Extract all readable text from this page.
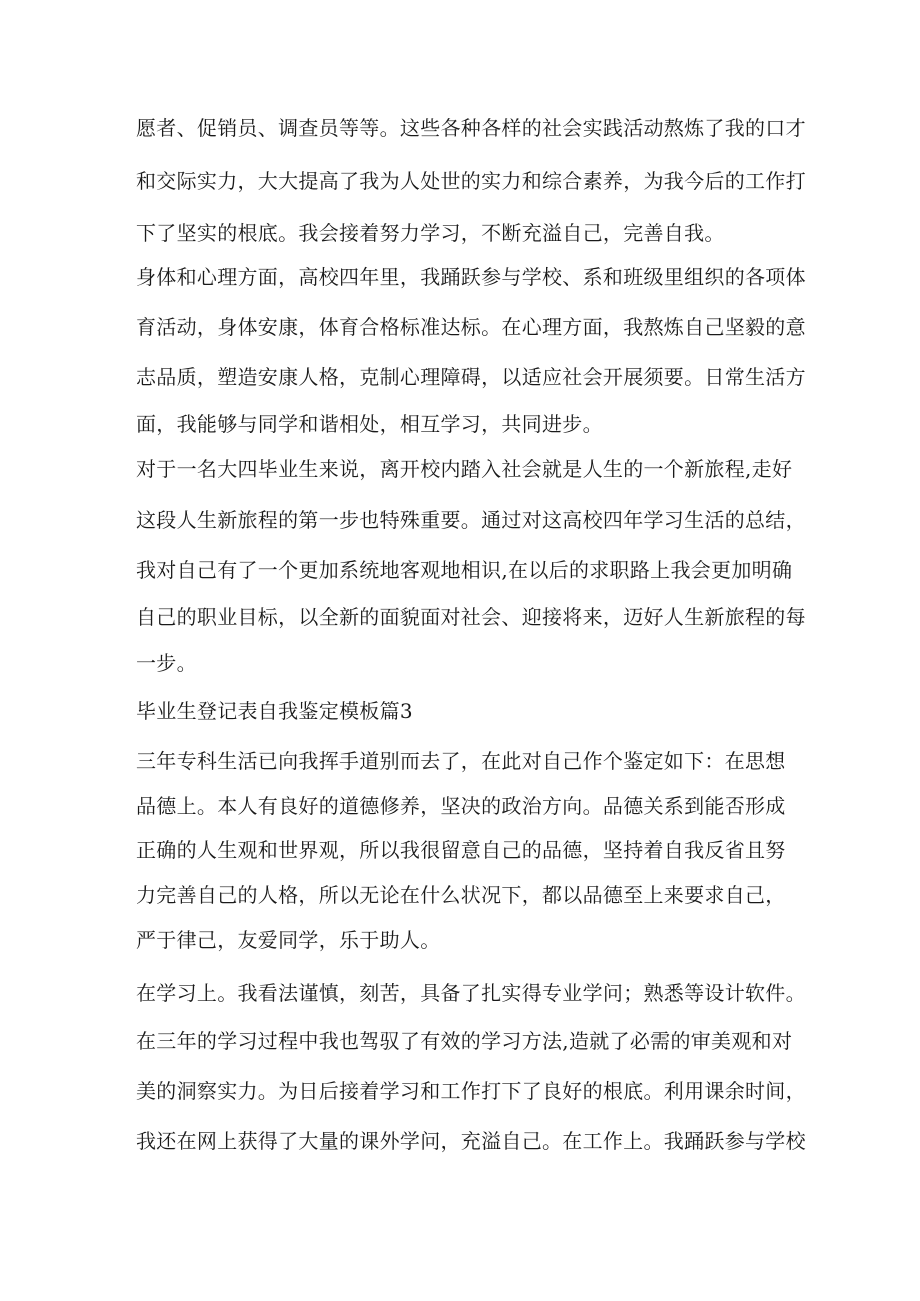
愿者、促销员、调查员等等。这些各种各样的社会实践活动熬炼了我的口才
和交际实力，大大提高了我为人处世的实力和综合素养，为我今后的工作打
下了坚实的根底。我会接着努力学习，不断充溢自己，完善自我。
身体和心理方面，高校四年里，我踊跃参与学校、系和班级里组织的各项体
育活动，身体安康，体育合格标准达标。在心理方面，我熬炼自己坚毅的意
志品质，塑造安康人格，克制心理障碍，以适应社会开展须要。日常生活方
面，我能够与同学和谐相处，相互学习，共同进步。
对于一名大四毕业生来说，离开校内踏入社会就是人生的一个新旅程,走好
这段人生新旅程的第一步也特殊重要。通过对这高校四年学习生活的总结，
我对自己有了一个更加系统地客观地相识,在以后的求职路上我会更加明确
自己的职业目标，以全新的面貌面对社会、迎接将来，迈好人生新旅程的每
一步。
毕业生登记表自我鉴定模板篇3
三年专科生活已向我挥手道别而去了，在此对自己作个鉴定如下：在思想
品德上。本人有良好的道德修养，坚决的政治方向。品德关系到能否形成
正确的人生观和世界观，所以我很留意自己的品德，坚持着自我反省且努
力完善自己的人格，所以无论在什么状况下，都以品德至上来要求自己，
严于律己，友爱同学，乐于助人。
在学习上。我看法谨慎，刻苦，具备了扎实得专业学问；熟悉等设计软件。
在三年的学习过程中我也驾驭了有效的学习方法,造就了必需的审美观和对
美的洞察实力。为日后接着学习和工作打下了良好的根底。利用课余时间，
我还在网上获得了大量的课外学问，充溢自己。在工作上。我踊跃参与学校
